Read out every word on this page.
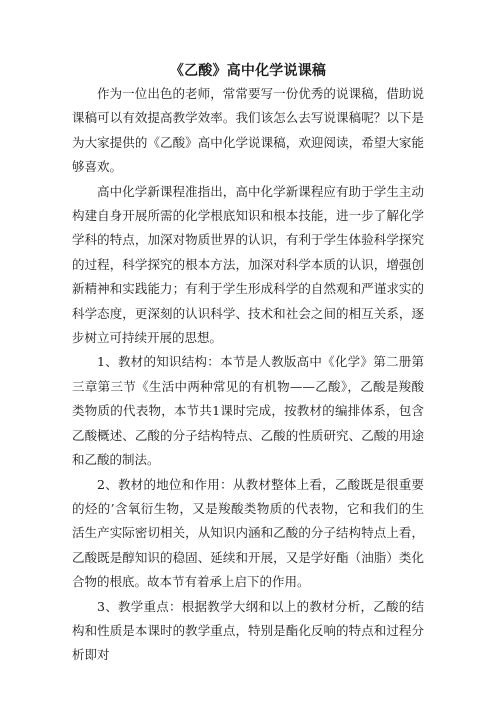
《乙酸》高中化学说课稿

作为一位出色的老师，常常要写一份优秀的说课稿，借助说课稿可以有效提高教学效率。我们该怎么去写说课稿呢？以下是为大家提供的《乙酸》高中化学说课稿，欢迎阅读，希望大家能够喜欢。

高中化学新课程准指出，高中化学新课程应有助于学生主动构建自身开展所需的化学根底知识和根本技能，进一步了解化学学科的特点，加深对物质世界的认识，有利于学生体验科学探究的过程，科学探究的根本方法，加深对科学本质的认识，增强创新精神和实践能力；有利于学生形成科学的自然观和严谨求实的科学态度，更深刻的认识科学、技术和社会之间的相互关系，逐步树立可持续开展的思想。

1、教材的知识结构：本节是人教版高中《化学》第二册第三章第三节《生活中两种常见的有机物——乙酸》，乙酸是羧酸类物质的代表物，本节共1课时完成，按教材的编排体系，包含乙酸概述、乙酸的分子结构特点、乙酸的性质研究、乙酸的用途和乙酸的制法。

2、教材的地位和作用：从教材整体上看，乙酸既是很重要的烃的’含氧衍生物，又是羧酸类物质的代表物，它和我们的生活生产实际密切相关，从知识内涵和乙酸的分子结构特点上看，乙酸既是醇知识的稳固、延续和开展，又是学好酯（油脂）类化合物的根底。故本节有着承上启下的作用。

3、教学重点：根据教学大纲和以上的教材分析，乙酸的结构和性质是本课时的教学重点，特别是酯化反响的特点和过程分析即对
